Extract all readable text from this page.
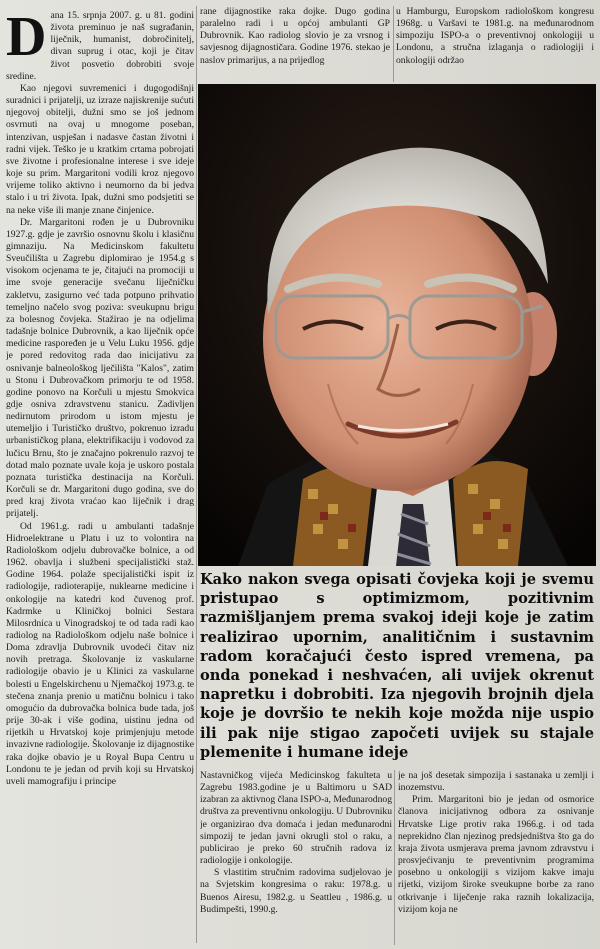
Dana 15. srpnja 2007. g. u 81. godini života preminuo je naš sugrađanin, liječnik, humanist, dobročinitelj, divan suprug i otac, koji je čitav život posvetio dobrobiti svoje sredine.

Kao njegovi suvremenici i dugogodišnji suradnici i prijatelji, uz izraze najiskrenije sućuti njegovoj obitelji, dužni smo se još jednom osvrnuti na ovaj u mnogome poseban, intenzivan, uspješan i nadasve častan životni i radni vijek. Teško je u kratkim crtama pobrojati sve životne i profesionalne interese i sve ideje koje su prim. Margaritoni vodili kroz njegovo vrijeme toliko aktivno i neumorno da bi jedva stalo i u tri života. Ipak, dužni smo podsjetiti se na neke više ili manje znane činjenice.

Dr. Margaritoni rođen je u Dubrovniku 1927.g. gdje je završio osnovnu školu i klasičnu gimnaziju. Na Medicinskom fakultetu Sveučilišta u Zagrebu diplomirao je 1954.g s visokom ocjenama te je, čitajući na promociji u ime svoje generacije svečanu liječničku zakletvu, zasigurno već tada potpuno prihvatio temeljno načelo svog poziva: sveukupnu brigu za bolesnog čovjeka. Stažirao je na odjelima tadašnje bolnice Dubrovnik, a kao liječnik opće medicine raspoređen je u Velu Luku 1956. gdje je pored redovitog rada dao inicijativu za osnivanje balneološkog lječilišta "Kalos", zatim u Stonu i Dubrovačkom primorju te od 1958. godine ponovo na Korčuli u mjestu Smokvica gdje osniva zdravstvenu stanicu. Zadivljen nedirnutom prirodom u istom mjestu je utemeljio i Turističko društvo, pokrenuo izradu urbanističkog plana, elektrifikaciju i vodovod za lučicu Brnu, što je značajno pokrenulo razvoj te dotad malo poznate uvale koja je uskoro postala poznata turistička destinacija na Korčuli. Korčuli se dr. Margaritoni dugo godina, sve do pred kraj života vraćao kao liječnik i drag prijatelj.

Od 1961.g. radi u ambulanti tadašnje Hidroelektrane u Platu i uz to volontira na Radiološkom odjelu dubrovačke bolnice, a od 1962. obavlja i službeni specijalistički staž. Godine 1964. polaže specijalistički ispit iz radiologije, radioterapije, nuklearne medicine i onkologije na katedri kod čuvenog prof. Kadrmke u Kliničkoj bolnici Sestara Milosrdnica u Vinogradskoj te od tada radi kao radiolog na Radiološkom odjelu naše bolnice i Doma zdravlja Dubrovnik uvodeći čitav niz novih pretraga. Školovanje iz vaskularne radiologije obavio je u Klinici za vaskularne bolesti u Engelskirchenu u Njemačkoj 1973.g. te stečena znanja prenio u matičnu bolnicu i tako omogućio da dubrovačka bolnica bude tada, još prije 30-ak i više godina, uistinu jedna od rijetkih u Hrvatskoj koje primjenjuju metode invazivne radiologije. Školovanje iz dijagnostike raka dojke obavio je u Royal Bupa Centru u Londonu te je jedan od prvih koji su Hrvatskoj uveli mamografiju i principe

rane dijagnostike raka dojke. Dugo godina paralelno radi i u općoj ambulanti GP Dubrovnik. Kao radiolog slovio je za vrsnog i savjesnog dijagnostičara. Godine 1976. stekao je naslov primarijus, a na prijedlog

u Hamburgu, Europskom radiološkom kongresu 1968g. u Varšavi te 1981.g. na međunarodnom simpoziju ISPO-a o preventivnoj onkologiji u Londonu, a stručna izlaganja o radiologiji i onkologiji održao

Kako nakon svega opisati čovjeka koji je svemu pristupao s optimizmom, pozitivnim razmišljanjem prema svakoj ideji koje je zatim realizirao upornim, analitičnim i sustavnim radom koračajući često ispred vremena, pa onda ponekad i neshvaćen, ali uvijek okrenut napretku i dobrobiti. Iza njegovih brojnih djela koje je dovršio te nekih koje možda nije uspio ili pak nije stigao započeti uvijek su stajale plemenite i humane ideje

Nastavničkog vijeća Medicinskog fakulteta u Zagrebu 1983.godine je u Baltimoru u SAD izabran za aktivnog člana ISPO-a, Međunarodnog društva za preventivnu onkologiju. U Dubrovniku je organizirao dva domaća i jedan međunarodni simpozij te jedan javni okrugli stol o raku, a publicirao je preko 60 stručnih radova iz radiologije i onkologije.

S vlastitim stručnim radovima sudjelovao je na Svjetskim kongresima o raku: 1978.g. u Buenos Airesu, 1982.g. u Seattleu , 1986.g. u Budimpešti, 1990.g.

je na još desetak simpozija i sastanaka u zemlji i inozemstvu.

Prim. Margaritoni bio je jedan od osmorice članova inicijativnog odbora za osnivanje Hrvatske Lige protiv raka 1966.g. i od tada neprekidno član njezinog predsjedništva što ga do kraja života usmjerava prema javnom zdravstvu i prosvjećivanju te preventivnim programima posebno u onkologiji s vizijom kakve imaju rijetki, vizijom široke sveukupne borbe za rano otkrivanje i liječenje raka raznih lokalizacija, vizijom koja ne
